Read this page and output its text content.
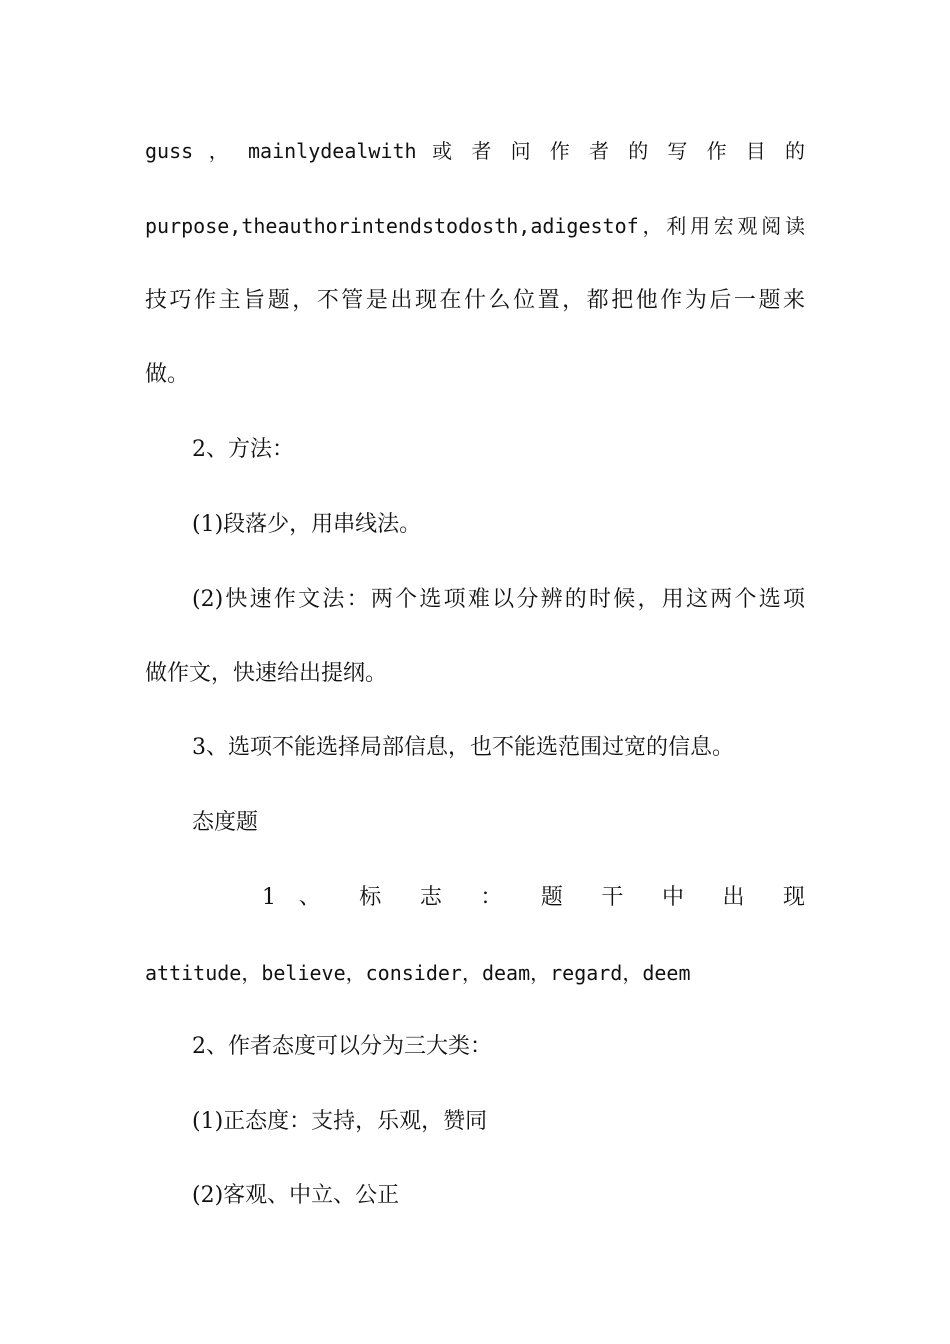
guss ， mainlydealwith 或 者 问 作 者 的 写 作 目 的
purpose,theauthorintendstodosth,adigestof，利用宏观阅读
技巧作主旨题，不管是出现在什么位置，都把他作为后一题来
做。
2、方法：
(1)段落少，用串线法。
(2)快速作文法：两个选项难以分辨的时候，用这两个选项
做作文，快速给出提纲。
3、选项不能选择局部信息，也不能选范围过宽的信息。
态度题
1 、 标 志 ： 题 干 中 出 现
attitude，believe，consider，deam，regard，deem
2、作者态度可以分为三大类：
(1)正态度：支持，乐观，赞同
(2)客观、中立、公正
